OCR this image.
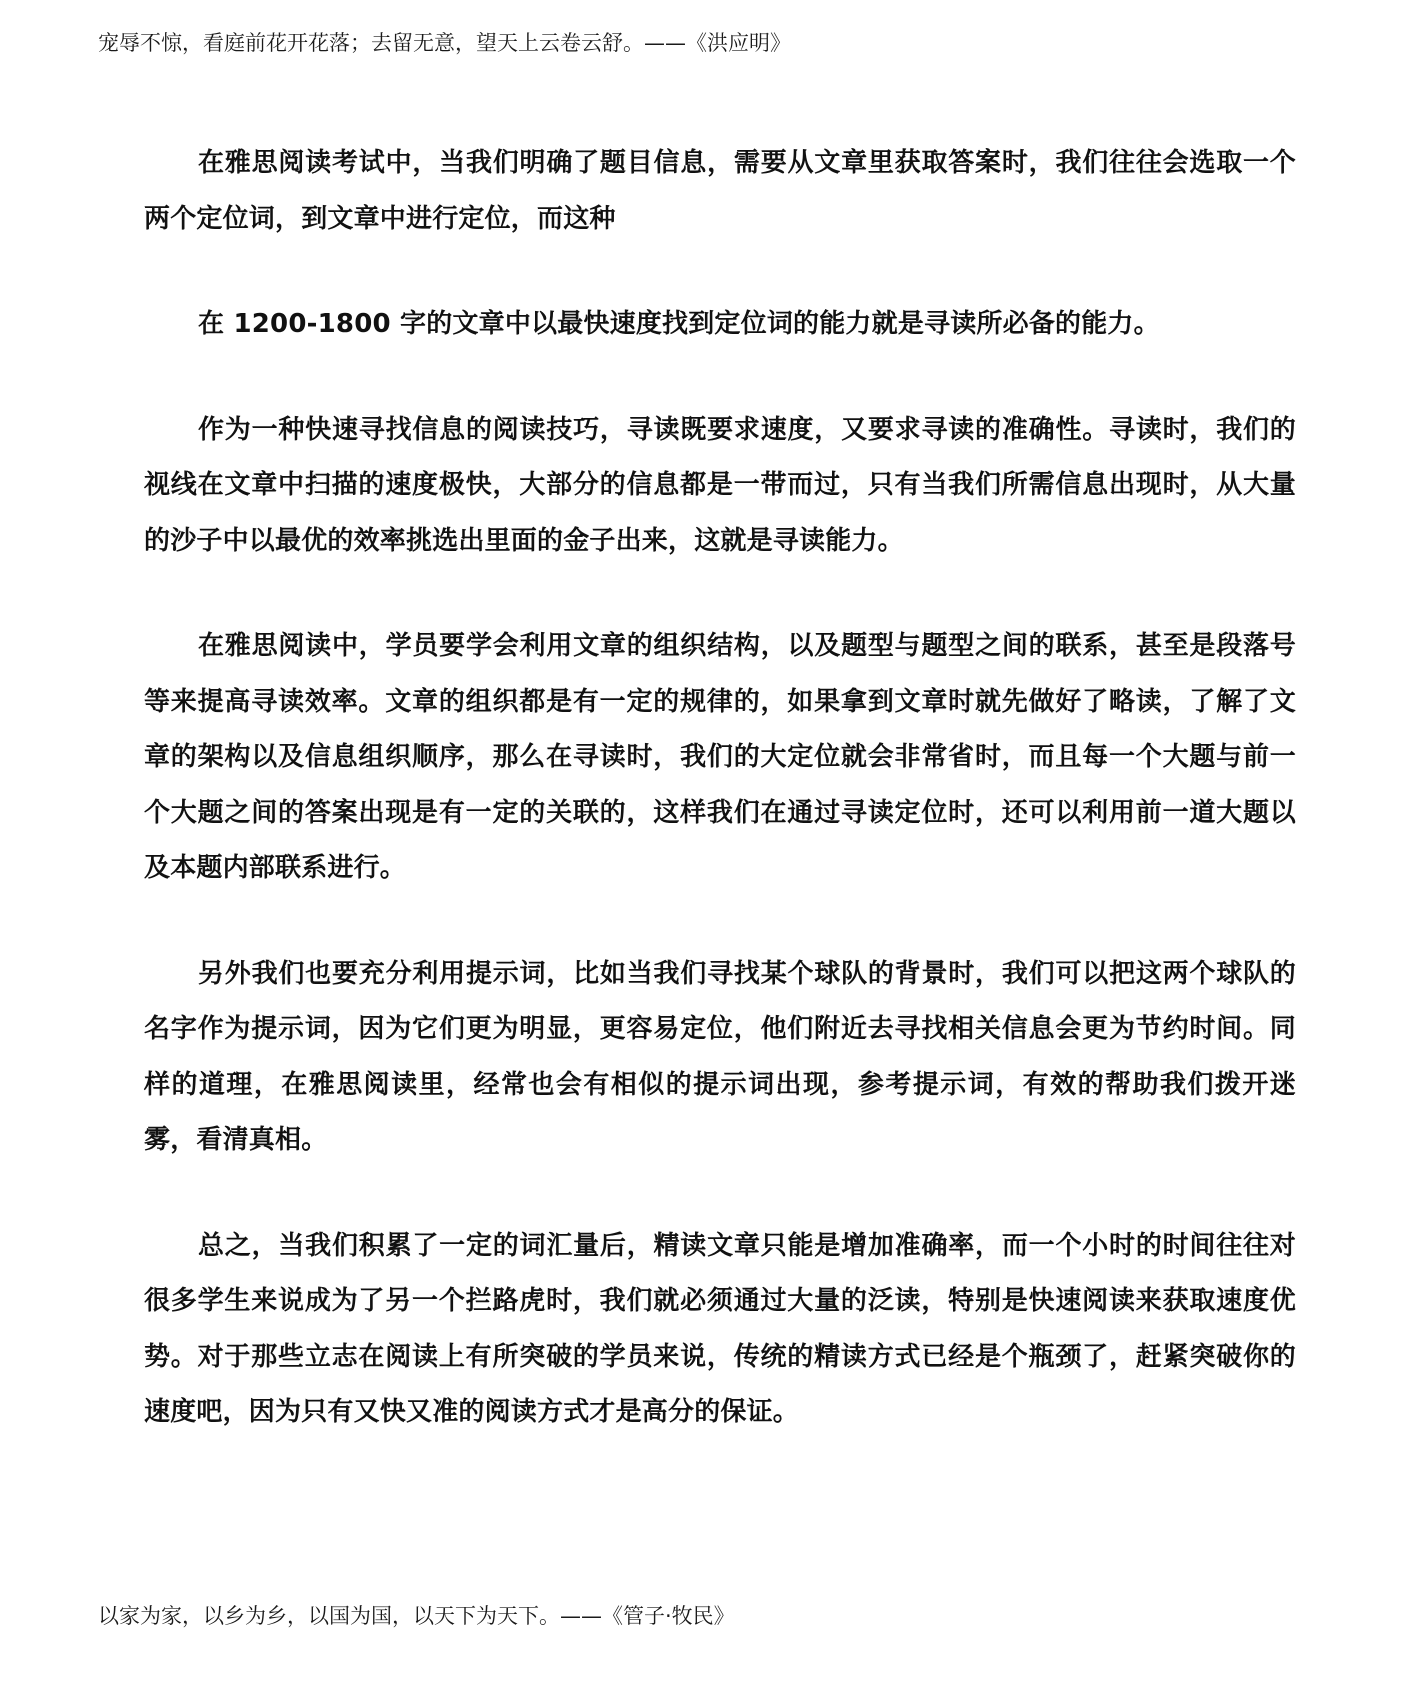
宠辱不惊，看庭前花开花落；去留无意，望天上云卷云舒。——《洪应明》

在雅思阅读考试中，当我们明确了题目信息，需要从文章里获取答案时，我们往往会选取一个两个定位词，到文章中进行定位，而这种

在 1200-1800 字的文章中以最快速度找到定位词的能力就是寻读所必备的能力。

作为一种快速寻找信息的阅读技巧，寻读既要求速度，又要求寻读的准确性。寻读时，我们的视线在文章中扫描的速度极快，大部分的信息都是一带而过，只有当我们所需信息出现时，从大量的沙子中以最优的效率挑选出里面的金子出来，这就是寻读能力。

在雅思阅读中，学员要学会利用文章的组织结构，以及题型与题型之间的联系，甚至是段落号等来提高寻读效率。文章的组织都是有一定的规律的，如果拿到文章时就先做好了略读，了解了文章的架构以及信息组织顺序，那么在寻读时，我们的大定位就会非常省时，而且每一个大题与前一个大题之间的答案出现是有一定的关联的，这样我们在通过寻读定位时，还可以利用前一道大题以及本题内部联系进行。

另外我们也要充分利用提示词，比如当我们寻找某个球队的背景时，我们可以把这两个球队的名字作为提示词，因为它们更为明显，更容易定位，他们附近去寻找相关信息会更为节约时间。同样的道理，在雅思阅读里，经常也会有相似的提示词出现，参考提示词，有效的帮助我们拨开迷雾，看清真相。

总之，当我们积累了一定的词汇量后，精读文章只能是增加准确率，而一个小时的时间往往对很多学生来说成为了另一个拦路虎时，我们就必须通过大量的泛读，特别是快速阅读来获取速度优势。对于那些立志在阅读上有所突破的学员来说，传统的精读方式已经是个瓶颈了，赶紧突破你的速度吧，因为只有又快又准的阅读方式才是高分的保证。

以家为家，以乡为乡，以国为国，以天下为天下。——《管子·牧民》
